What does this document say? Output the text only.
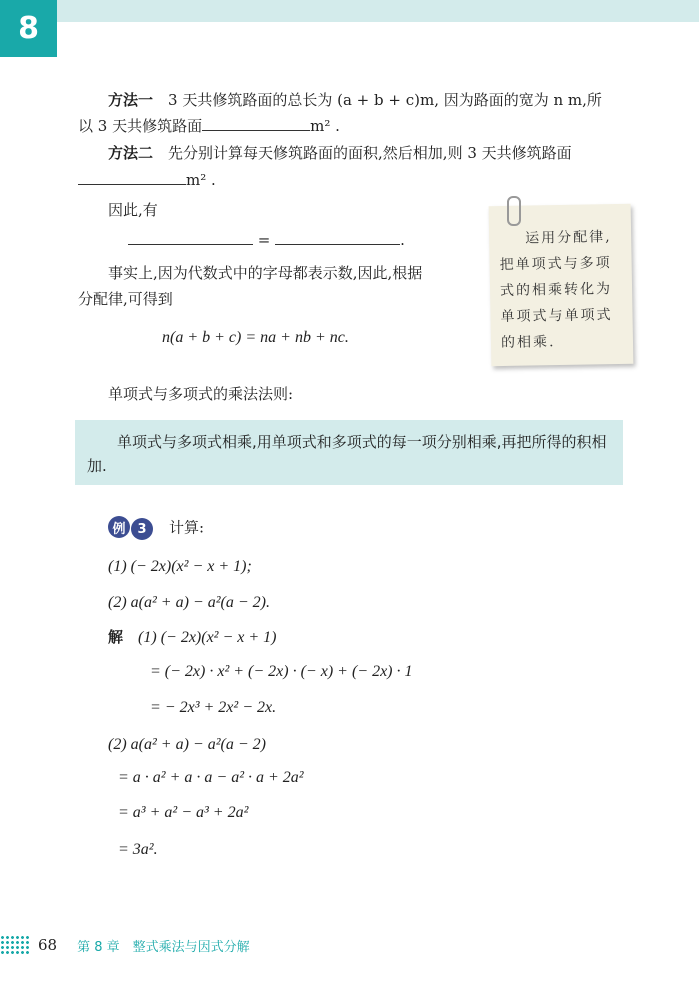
8
方法一　 3 天共修筑路面的总长为 (a + b + c)m, 因为路面的宽为 n m,所
以 3 天共修筑路面	m² .
方法二　 先分别计算每天修筑路面的面积,然后相加,则 3 天共修筑路面
m² .
因此,有
=	.
事实上,因为代数式中的字母都表示数,因此,根据
分配律,可得到
n(a + b + c) = na + nb + nc.
运用分配律,
把单项式与多项
式的相乘转化为
单项式与单项式
的相乘.
单项式与多项式的乘法法则:
单项式与多项式相乘,用单项式和多项式的每一项分别相乘,再把所得的积相加.
例 3　 计算:
(1) (− 2x)(x² − x + 1);
(2) a(a² + a) − a²(a − 2).
解　 (1) (− 2x)(x² − x + 1)
= (− 2x) · x² + (− 2x) · (− x) + (− 2x) · 1
= − 2x³ + 2x² − 2x.
(2) a(a² + a) − a²(a − 2)
= a · a² + a · a − a² · a + 2a²
= a³ + a² − a³ + 2a²
= 3a².
68 第 8 章　整式乘法与因式分解
